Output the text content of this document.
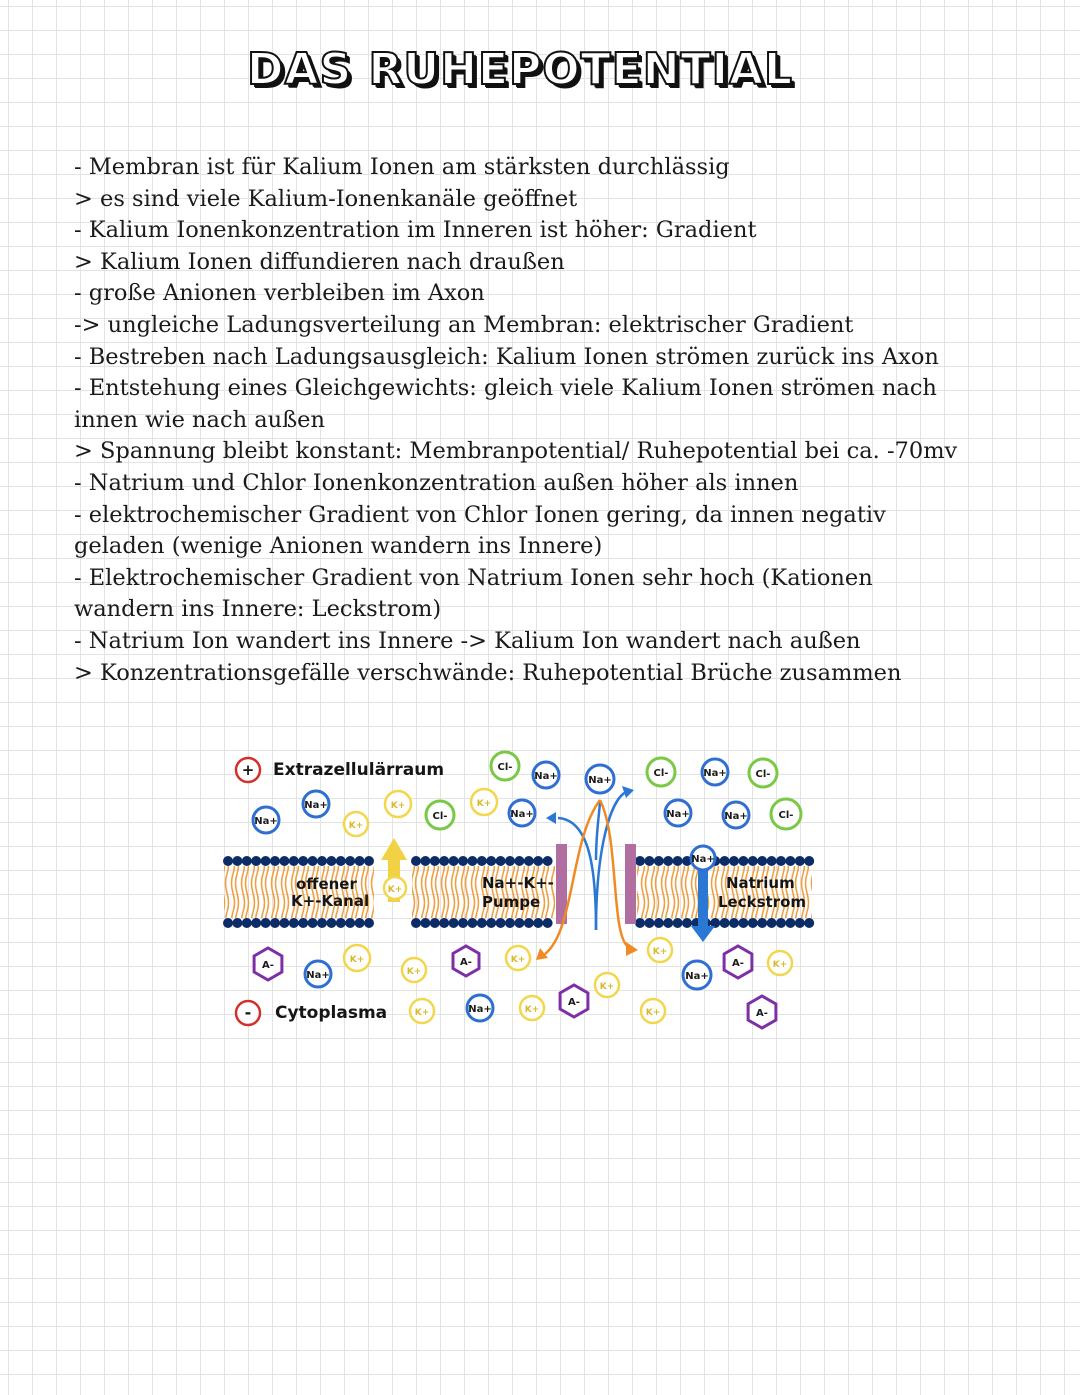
DAS RUHEPOTENTIAL
- Membran ist für Kalium Ionen am stärksten durchlässig
> es sind viele Kalium-Ionenkanäle geöffnet
- Kalium Ionenkonzentration im Inneren ist höher: Gradient
> Kalium Ionen diffundieren nach draußen
- große Anionen verbleiben im Axon
-> ungleiche Ladungsverteilung an Membran: elektrischer Gradient
- Bestreben nach Ladungsausgleich: Kalium Ionen strömen zurück ins Axon
- Entstehung eines Gleichgewichts: gleich viele Kalium Ionen strömen nach innen wie nach außen
> Spannung bleibt konstant: Membranpotential/ Ruhepotential bei ca. -70mv
- Natrium und Chlor Ionenkonzentration außen höher als innen
- elektrochemischer Gradient von Chlor Ionen gering, da innen negativ geladen (wenige Anionen wandern ins Innere)
- Elektrochemischer Gradient von Natrium Ionen sehr hoch (Kationen wandern ins Innere: Leckstrom)
- Natrium Ion wandert ins Innere -> Kalium Ion wandert nach außen
> Konzentrationsgefälle verschwände: Ruhepotential Brüche zusammen
offener
K+-Kanal
Na+-K+-
Pumpe
Natrium
Leckstrom
+ Extrazellulärraum
- Cytoplasma
Na+
Na+
K+
K+
Cl-
K+
Cl-
Na+
Na+
Na+
Cl-	Na+	Cl-
Na+	Na+	Cl-
Na+
A-
Na+
K+
K+
K+
A-	K+
K+	Na+	K+
A-
K+
K+
K+
Na+
A-	K+
A-
